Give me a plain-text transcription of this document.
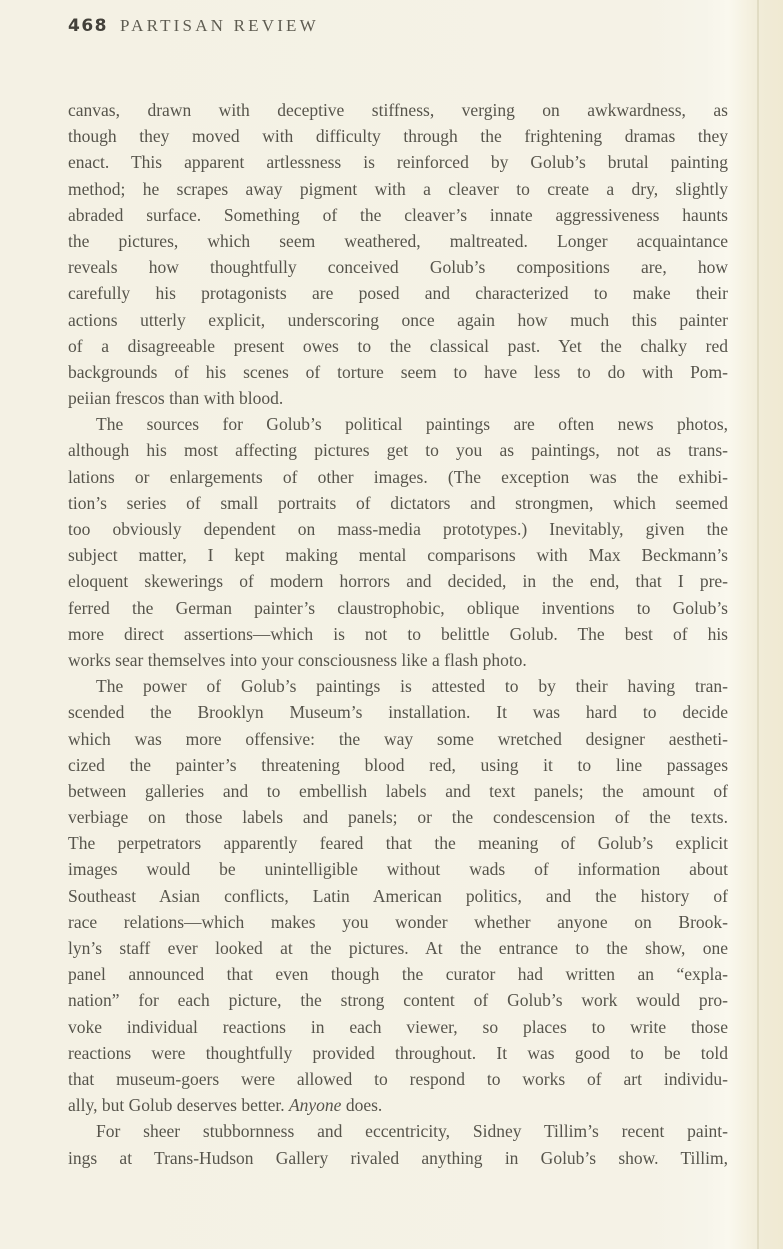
468 PARTISAN REVIEW
canvas, drawn with deceptive stiffness, verging on awkwardness, as
though they moved with difficulty through the frightening dramas they
enact. This apparent artlessness is reinforced by Golub’s brutal painting
method; he scrapes away pigment with a cleaver to create a dry, slightly
abraded surface. Something of the cleaver’s innate aggressiveness haunts
the pictures, which seem weathered, maltreated. Longer acquaintance
reveals how thoughtfully conceived Golub’s compositions are, how
carefully his protagonists are posed and characterized to make their
actions utterly explicit, underscoring once again how much this painter
of a disagreeable present owes to the classical past. Yet the chalky red
backgrounds of his scenes of torture seem to have less to do with Pom-
peiian frescos than with blood.
The sources for Golub’s political paintings are often news photos,
although his most affecting pictures get to you as paintings, not as trans-
lations or enlargements of other images. (The exception was the exhibi-
tion’s series of small portraits of dictators and strongmen, which seemed
too obviously dependent on mass-media prototypes.) Inevitably, given the
subject matter, I kept making mental comparisons with Max Beckmann’s
eloquent skewerings of modern horrors and decided, in the end, that I pre-
ferred the German painter’s claustrophobic, oblique inventions to Golub’s
more direct assertions—which is not to belittle Golub. The best of his
works sear themselves into your consciousness like a flash photo.
The power of Golub’s paintings is attested to by their having tran-
scended the Brooklyn Museum’s installation. It was hard to decide
which was more offensive: the way some wretched designer aestheti-
cized the painter’s threatening blood red, using it to line passages
between galleries and to embellish labels and text panels; the amount of
verbiage on those labels and panels; or the condescension of the texts.
The perpetrators apparently feared that the meaning of Golub’s explicit
images would be unintelligible without wads of information about
Southeast Asian conflicts, Latin American politics, and the history of
race relations—which makes you wonder whether anyone on Brook-
lyn’s staff ever looked at the pictures. At the entrance to the show, one
panel announced that even though the curator had written an “expla-
nation” for each picture, the strong content of Golub’s work would pro-
voke individual reactions in each viewer, so places to write those
reactions were thoughtfully provided throughout. It was good to be told
that museum-goers were allowed to respond to works of art individu-
ally, but Golub deserves better. Anyone does.
For sheer stubbornness and eccentricity, Sidney Tillim’s recent paint-
ings at Trans-Hudson Gallery rivaled anything in Golub’s show. Tillim,
